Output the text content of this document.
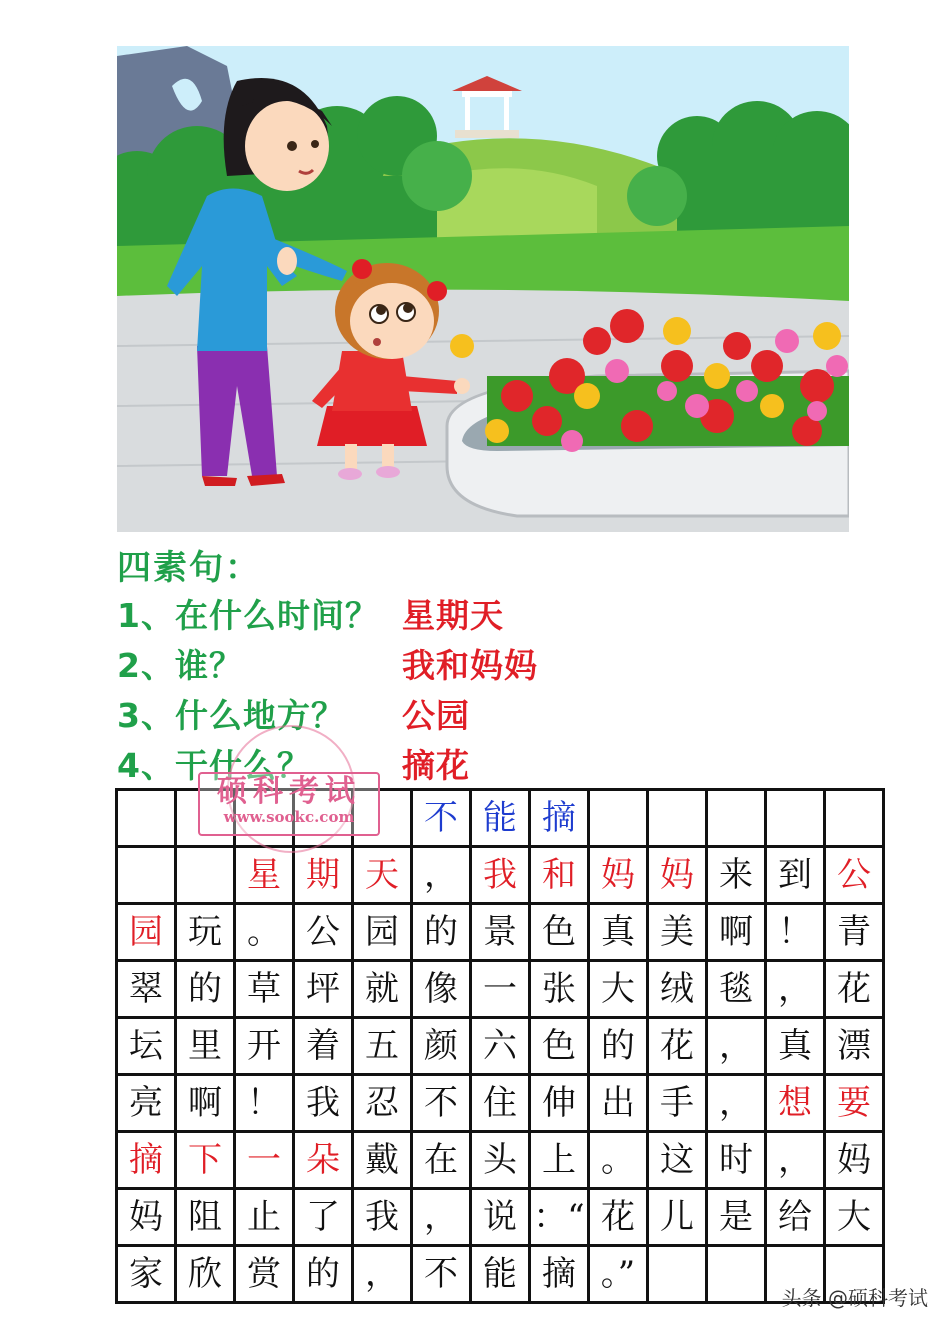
四素句：
1、在什么时间？ 星期天
2、谁？	我和妈妈
3、什么地方？ 公园
4、干什么？	摘花
					不	能	摘					
		星	期	天	，	我	和	妈	妈	来	到	公
园	玩	。	公	园	的	景	色	真	美	啊	！	青
翠	的	草	坪	就	像	一	张	大	绒	毯	，	花
坛	里	开	着	五	颜	六	色	的	花	，	真	漂
亮	啊	！	我	忍	不	住	伸	出	手	，	想	要
摘	下	一	朵	戴	在	头	上	。	这	时	，	妈
妈	阻	止	了	我	，	说	：“	花	儿	是	给	大
家	欣	赏	的	，	不	能	摘	。”				
硕科考试
www.sookc.com
头条 @硕科考试
